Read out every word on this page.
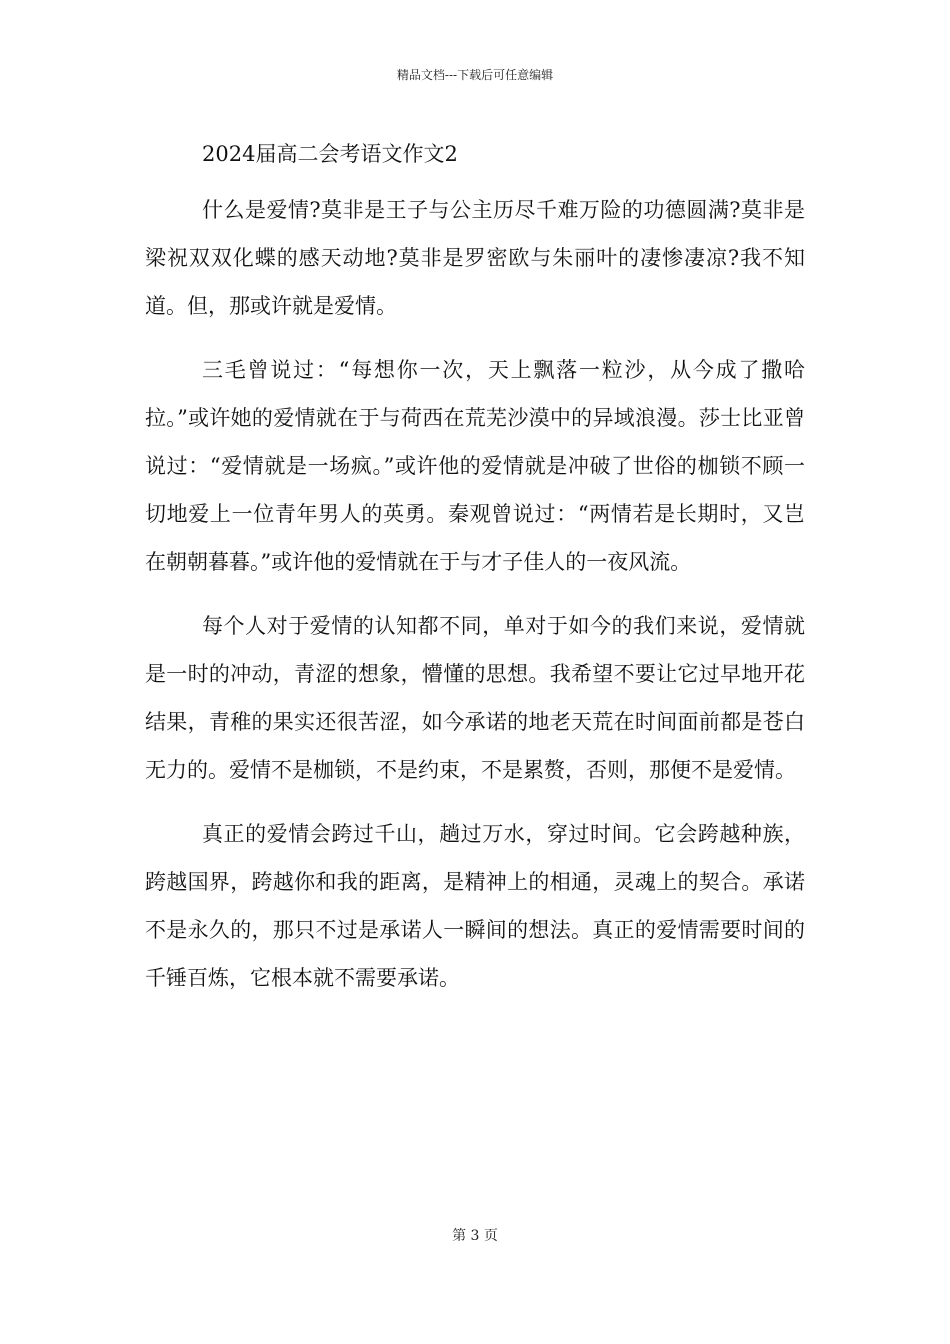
精品文档---下载后可任意编辑
2024届高二会考语文作文2

什么是爱情?莫非是王子与公主历尽千难万险的功德圆满?莫非是梁祝双双化蝶的感天动地?莫非是罗密欧与朱丽叶的凄惨凄凉?我不知道。但，那或许就是爱情。

三毛曾说过：“每想你一次，天上飘落一粒沙，从今成了撒哈拉。”或许她的爱情就在于与荷西在荒芜沙漠中的异域浪漫。莎士比亚曾说过：“爱情就是一场疯。”或许他的爱情就是冲破了世俗的枷锁不顾一切地爱上一位青年男人的英勇。秦观曾说过：“两情若是长期时，又岂在朝朝暮暮。”或许他的爱情就在于与才子佳人的一夜风流。

每个人对于爱情的认知都不同，单对于如今的我们来说，爱情就是一时的冲动，青涩的想象，懵懂的思想。我希望不要让它过早地开花结果，青稚的果实还很苦涩，如今承诺的地老天荒在时间面前都是苍白无力的。爱情不是枷锁，不是约束，不是累赘，否则，那便不是爱情。

真正的爱情会跨过千山，趟过万水，穿过时间。它会跨越种族，跨越国界，跨越你和我的距离，是精神上的相通，灵魂上的契合。承诺不是永久的，那只不过是承诺人一瞬间的想法。真正的爱情需要时间的千锤百炼，它根本就不需要承诺。

第 3 页
